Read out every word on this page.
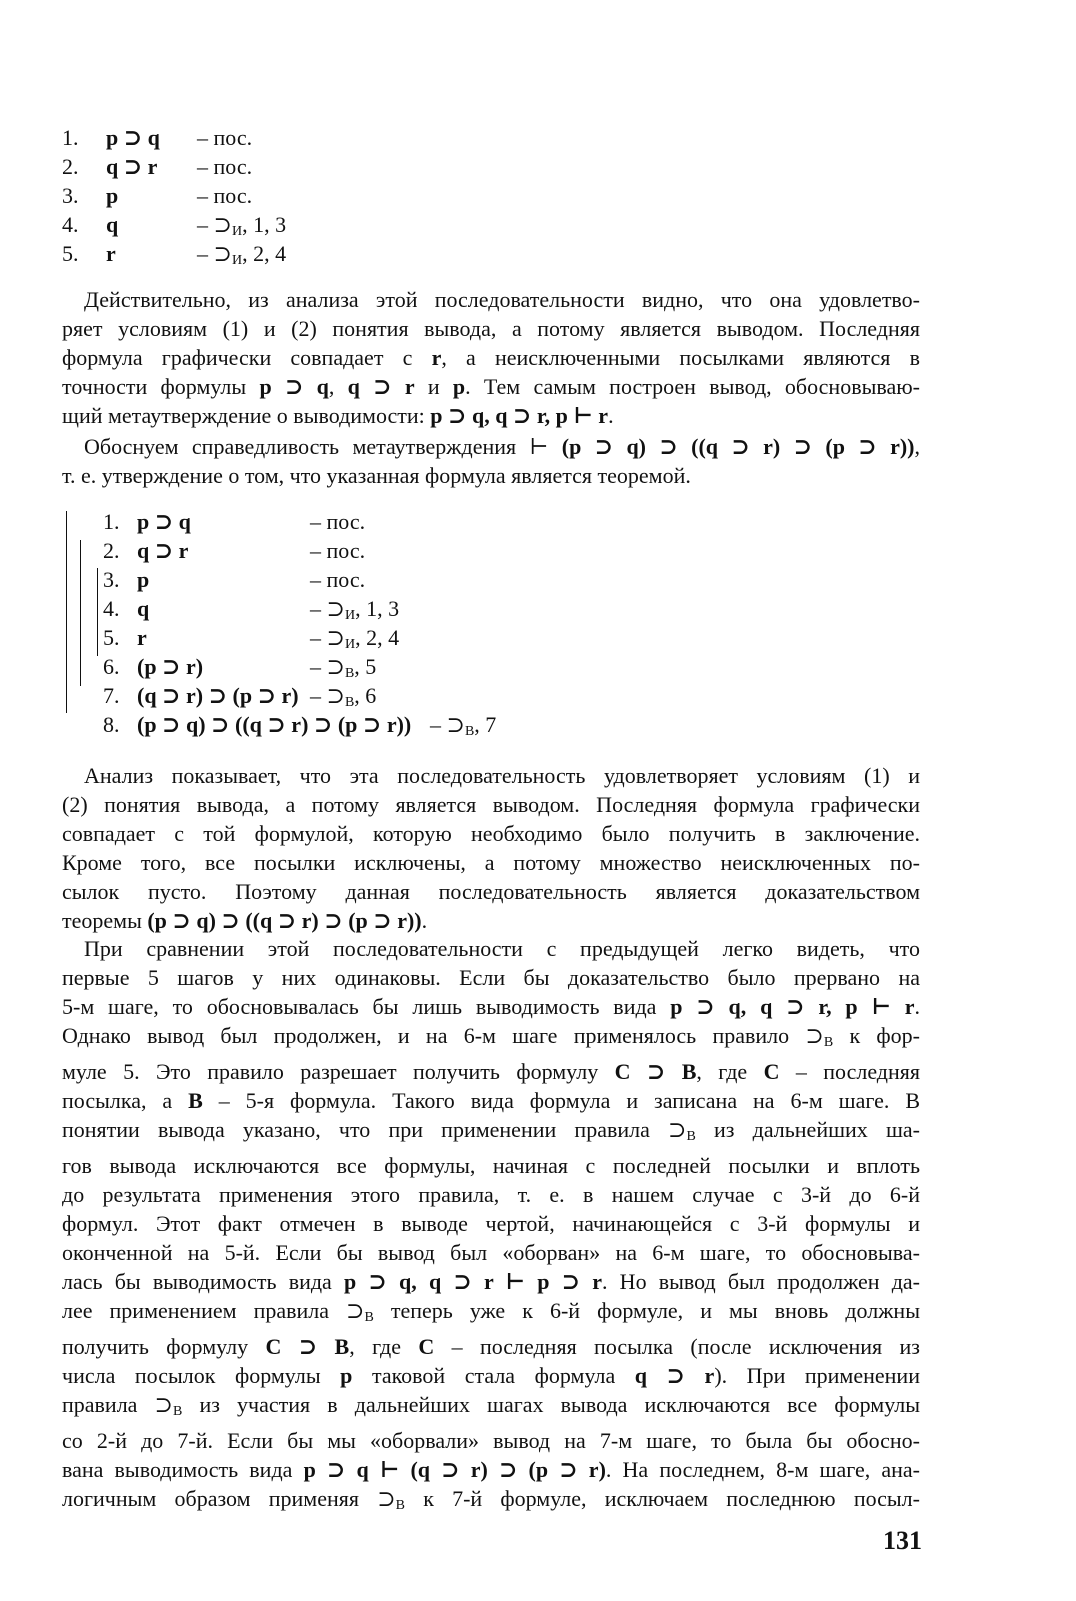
1. p ⊃ q – пос.
2. q ⊃ r – пос.
3. p	– пос.
4. q	– $⊃_И$, 1, 3
5. r	– $⊃_И$, 2, 4
Действительно, из анализа этой последовательности видно, что она удовлетво-
ряет условиям (1) и (2) понятия вывода, а потому является выводом. Последняя
формула графически совпадает с r, а неисключенными посылками являются в
точности формулы p ⊃ q, q ⊃ r и p. Тем самым построен вывод, обосновываю-
щий метаутверждение о выводимости: p ⊃ q, q ⊃ r, p ⊢ r.
Обоснуем справедливость метаутверждения ⊢ (p ⊃ q) ⊃ ((q ⊃ r) ⊃ (p ⊃ r)),
т. е. утверждение о том, что указанная формула является теоремой.
1. p ⊃ q	– пос.
2. q ⊃ r	– пос.
3. p	– пос.
4. q	– $⊃_И$, 1, 3
5. r	– $⊃_И$, 2, 4
6. (p ⊃ r)	– $⊃_В$, 5
7. (q ⊃ r) ⊃ (p ⊃ $r) - ⊃_В$, 6
8. (p ⊃ q) ⊃ ((q ⊃ r) ⊃ (p ⊃ $r)) - ⊃_В$, 7
Анализ показывает, что эта последовательность удовлетворяет условиям (1) и
(2) понятия вывода, а потому является выводом. Последняя формула графически
совпадает с той формулой, которую необходимо было получить в заключение.
Кроме того, все посылки исключены, а потому множество неисключенных по-
сылок пусто. Поэтому данная последовательность является доказательством
теоремы (p ⊃ q) ⊃ ((q ⊃ r) ⊃ (p ⊃ r)).
При сравнении этой последовательности с предыдущей легко видеть, что
первые 5 шагов у них одинаковы. Если бы доказательство было прервано на
5-м шаге, то обосновывалась бы лишь выводимость вида p ⊃ q, q ⊃ r, p ⊢ r.
Однако вывод был продолжен, и на 6-м шаге применялось правило $⊃_В$ к фор-
муле 5. Это правило разрешает получить формулу C ⊃ B, где C – последняя
посылка, а B – 5-я формула. Такого вида формула и записана на 6-м шаге. В
понятии вывода указано, что при применении правила $⊃_В$ из дальнейших ша-
гов вывода исключаются все формулы, начиная с последней посылки и вплоть
до результата применения этого правила, т. е. в нашем случае с 3-й до 6-й
формул. Этот факт отмечен в выводе чертой, начинающейся с 3-й формулы и
оконченной на 5-й. Если бы вывод был «оборван» на 6-м шаге, то обосновыва-
лась бы выводимость вида p ⊃ q, q ⊃ r ⊢ p ⊃ r. Но вывод был продолжен да-
лее применением правила $⊃_В$ теперь уже к 6-й формуле, и мы вновь должны
получить формулу C ⊃ B, где C – последняя посылка (после исключения из
числа посылок формулы p таковой стала формула q ⊃ r). При применении
правила $⊃_В$ из участия в дальнейших шагах вывода исключаются все формулы
со 2-й до 7-й. Если бы мы «оборвали» вывод на 7-м шаге, то была бы обосно-
вана выводимость вида p ⊃ q ⊢ (q ⊃ r) ⊃ (p ⊃ r). На последнем, 8-м шаге, ана-
логичным образом применяя $⊃_В$ к 7-й формуле, исключаем последнюю посыл-
131
